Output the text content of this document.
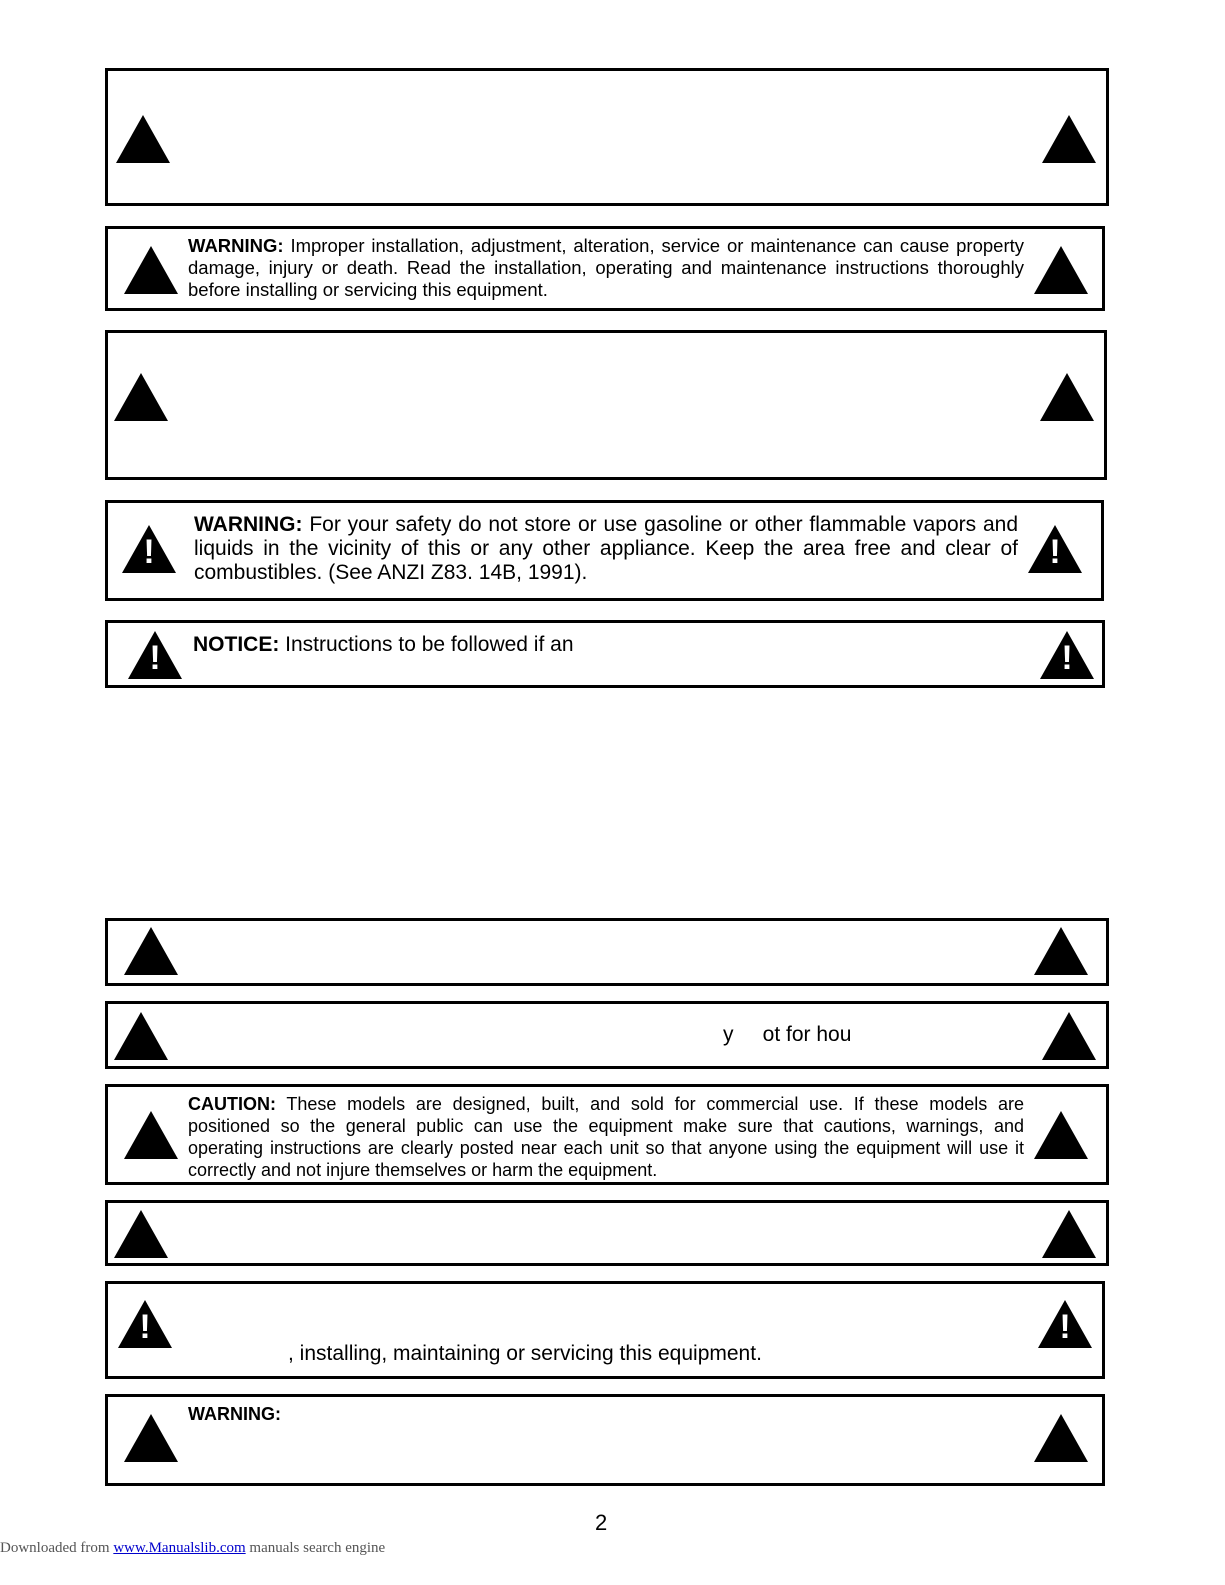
WARNING: Improper installation, adjustment, alteration, service or maintenance can cause property damage, injury or death. Read the installation, operating and maintenance instructions thoroughly before installing or servicing this equipment.
!
WARNING: For your safety do not store or use gasoline or other flammable vapors and liquids in the vicinity of this or any other appliance. Keep the area free and clear of combustibles. (See ANZI Z83. 14B, 1991).
!
! NOTICE: Instructions to be followed if an	!
y     ot for hou
CAUTION: These models are designed, built, and sold for commercial use. If these models are positioned so the general public can use the equipment make sure that cautions, warnings, and operating instructions are clearly posted near each unit so that anyone using the equipment will use it correctly and not injure themselves or harm the equipment.
!
, installing, maintaining or servicing this equipment.
!
WARNING:
2
Downloaded from www.Manualslib.com manuals search engine
